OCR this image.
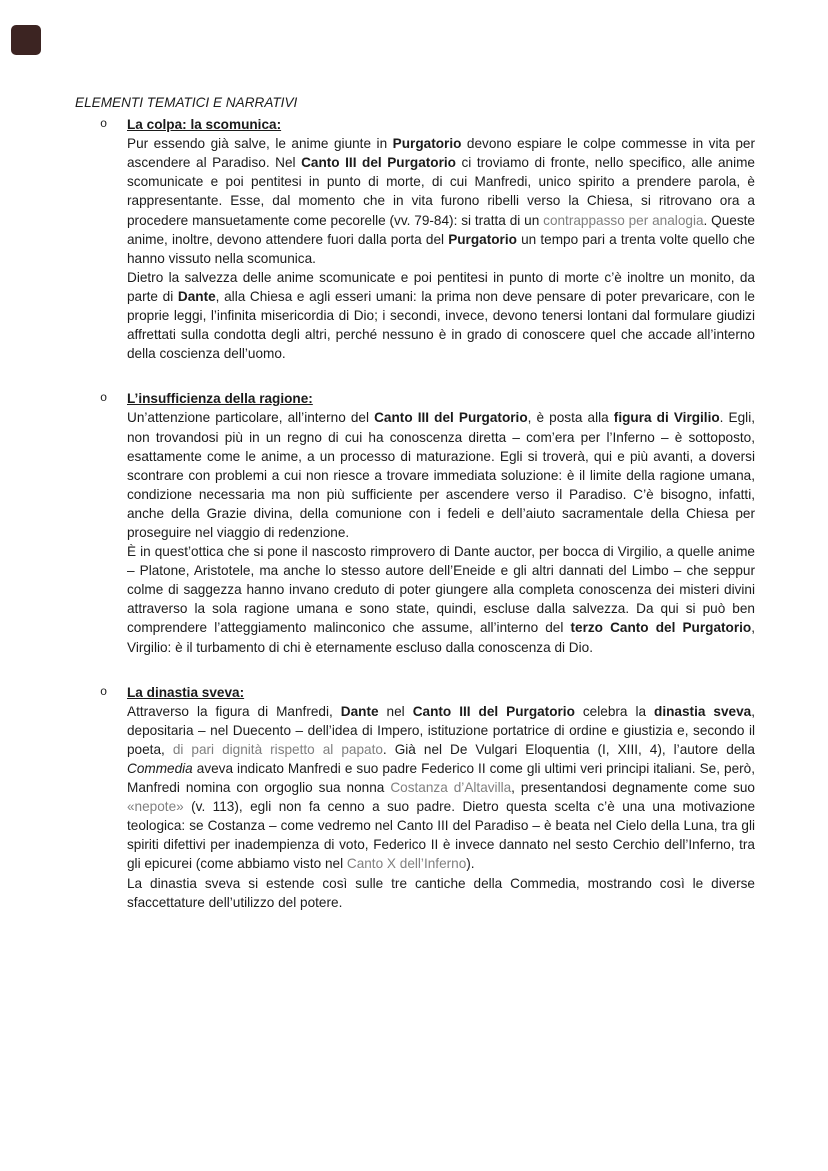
ELEMENTI TEMATICI E NARRATIVI
o	La colpa: la scomunica:

Pur essendo già salve, le anime giunte in Purgatorio devono espiare le colpe commesse in vita per ascendere al Paradiso. Nel Canto III del Purgatorio ci troviamo di fronte, nello specifico, alle anime scomunicate e poi pentitesi in punto di morte, di cui Manfredi, unico spirito a prendere parola, è rappresentante. Esse, dal momento che in vita furono ribelli verso la Chiesa, si ritrovano ora a procedere mansuetamente come pecorelle (vv. 79-84): si tratta di un contrappasso per analogia. Queste anime, inoltre, devono attendere fuori dalla porta del Purgatorio un tempo pari a trenta volte quello che hanno vissuto nella scomunica.

Dietro la salvezza delle anime scomunicate e poi pentitesi in punto di morte c’è inoltre un monito, da parte di Dante, alla Chiesa e agli esseri umani: la prima non deve pensare di poter prevaricare, con le proprie leggi, l’infinita misericordia di Dio; i secondi, invece, devono tenersi lontani dal formulare giudizi affrettati sulla condotta degli altri, perché nessuno è in grado di conoscere quel che accade all’interno della coscienza dell’uomo.

o	L’insufficienza della ragione:

Un’attenzione particolare, all’interno del Canto III del Purgatorio, è posta alla figura di Virgilio. Egli, non trovandosi più in un regno di cui ha conoscenza diretta – com’era per l’Inferno – è sottoposto, esattamente come le anime, a un processo di maturazione. Egli si troverà, qui e più avanti, a doversi scontrare con problemi a cui non riesce a trovare immediata soluzione: è il limite della ragione umana, condizione necessaria ma non più sufficiente per ascendere verso il Paradiso. C’è bisogno, infatti, anche della Grazie divina, della comunione con i fedeli e dell’aiuto sacramentale della Chiesa per proseguire nel viaggio di redenzione.

È in quest’ottica che si pone il nascosto rimprovero di Dante auctor, per bocca di Virgilio, a quelle anime – Platone, Aristotele, ma anche lo stesso autore dell’Eneide e gli altri dannati del Limbo – che seppur colme di saggezza hanno invano creduto di poter giungere alla completa conoscenza dei misteri divini attraverso la sola ragione umana e sono state, quindi, escluse dalla salvezza. Da qui si può ben comprendere l’atteggiamento malinconico che assume, all’interno del terzo Canto del Purgatorio, Virgilio: è il turbamento di chi è eternamente escluso dalla conoscenza di Dio.

o	La dinastia sveva:

Attraverso la figura di Manfredi, Dante nel Canto III del Purgatorio celebra la dinastia sveva, depositaria – nel Duecento – dell’idea di Impero, istituzione portatrice di ordine e giustizia e, secondo il poeta, di pari dignità rispetto al papato. Già nel De Vulgari Eloquentia (I, XIII, 4), l’autore della Commedia aveva indicato Manfredi e suo padre Federico II come gli ultimi veri principi italiani. Se, però, Manfredi nomina con orgoglio sua nonna Costanza d’Altavilla, presentandosi degnamente come suo «nepote» (v. 113), egli non fa cenno a suo padre. Dietro questa scelta c’è una una motivazione teologica: se Costanza – come vedremo nel Canto III del Paradiso – è beata nel Cielo della Luna, tra gli spiriti difettivi per inadempienza di voto, Federico II è invece dannato nel sesto Cerchio dell’Inferno, tra gli epicurei (come abbiamo visto nel Canto X dell’Inferno).

La dinastia sveva si estende così sulle tre cantiche della Commedia, mostrando così le diverse sfaccettature dell’utilizzo del potere.
